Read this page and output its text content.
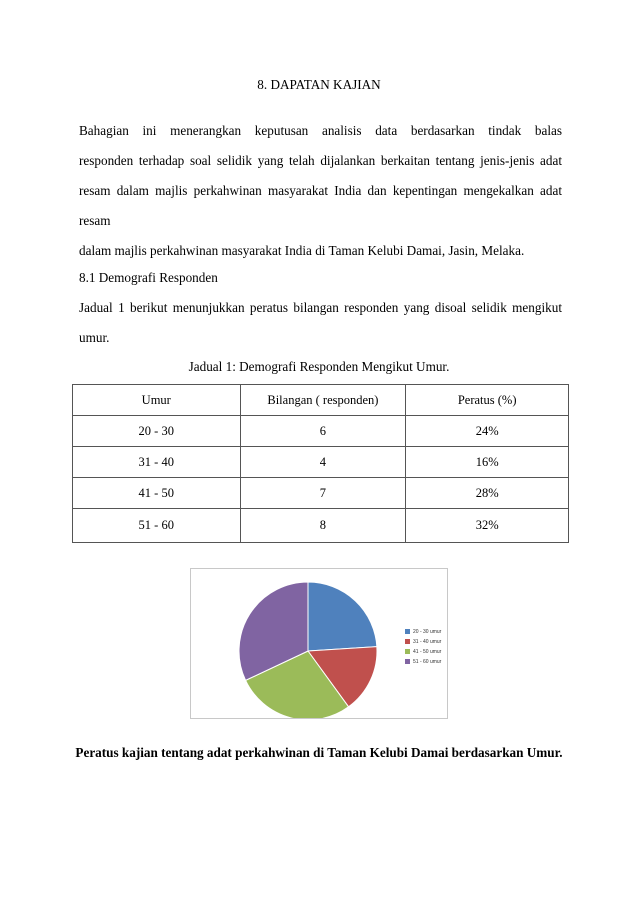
8. DAPATAN KAJIAN
Bahagian ini menerangkan keputusan analisis data berdasarkan tindak balas
responden terhadap soal selidik yang telah dijalankan berkaitan tentang jenis-jenis adat
resam dalam majlis perkahwinan masyarakat India dan kepentingan mengekalkan adat resam
dalam majlis perkahwinan masyarakat India di Taman Kelubi Damai, Jasin, Melaka.
8.1 Demografi Responden
Jadual 1 berikut menunjukkan peratus bilangan responden yang disoal selidik mengikut
umur.
Jadual 1: Demografi Responden Mengikut Umur.
Umur	Bilangan ( responden)	Peratus (%)
20 - 30	6	24%
31 - 40	4	16%
41 - 50	7	28%
51 - 60	8	32%
20 - 30 umur
31 - 40 umur
41 - 50 umur
51 - 60 umur
Peratus kajian tentang adat perkahwinan di Taman Kelubi Damai berdasarkan Umur.
